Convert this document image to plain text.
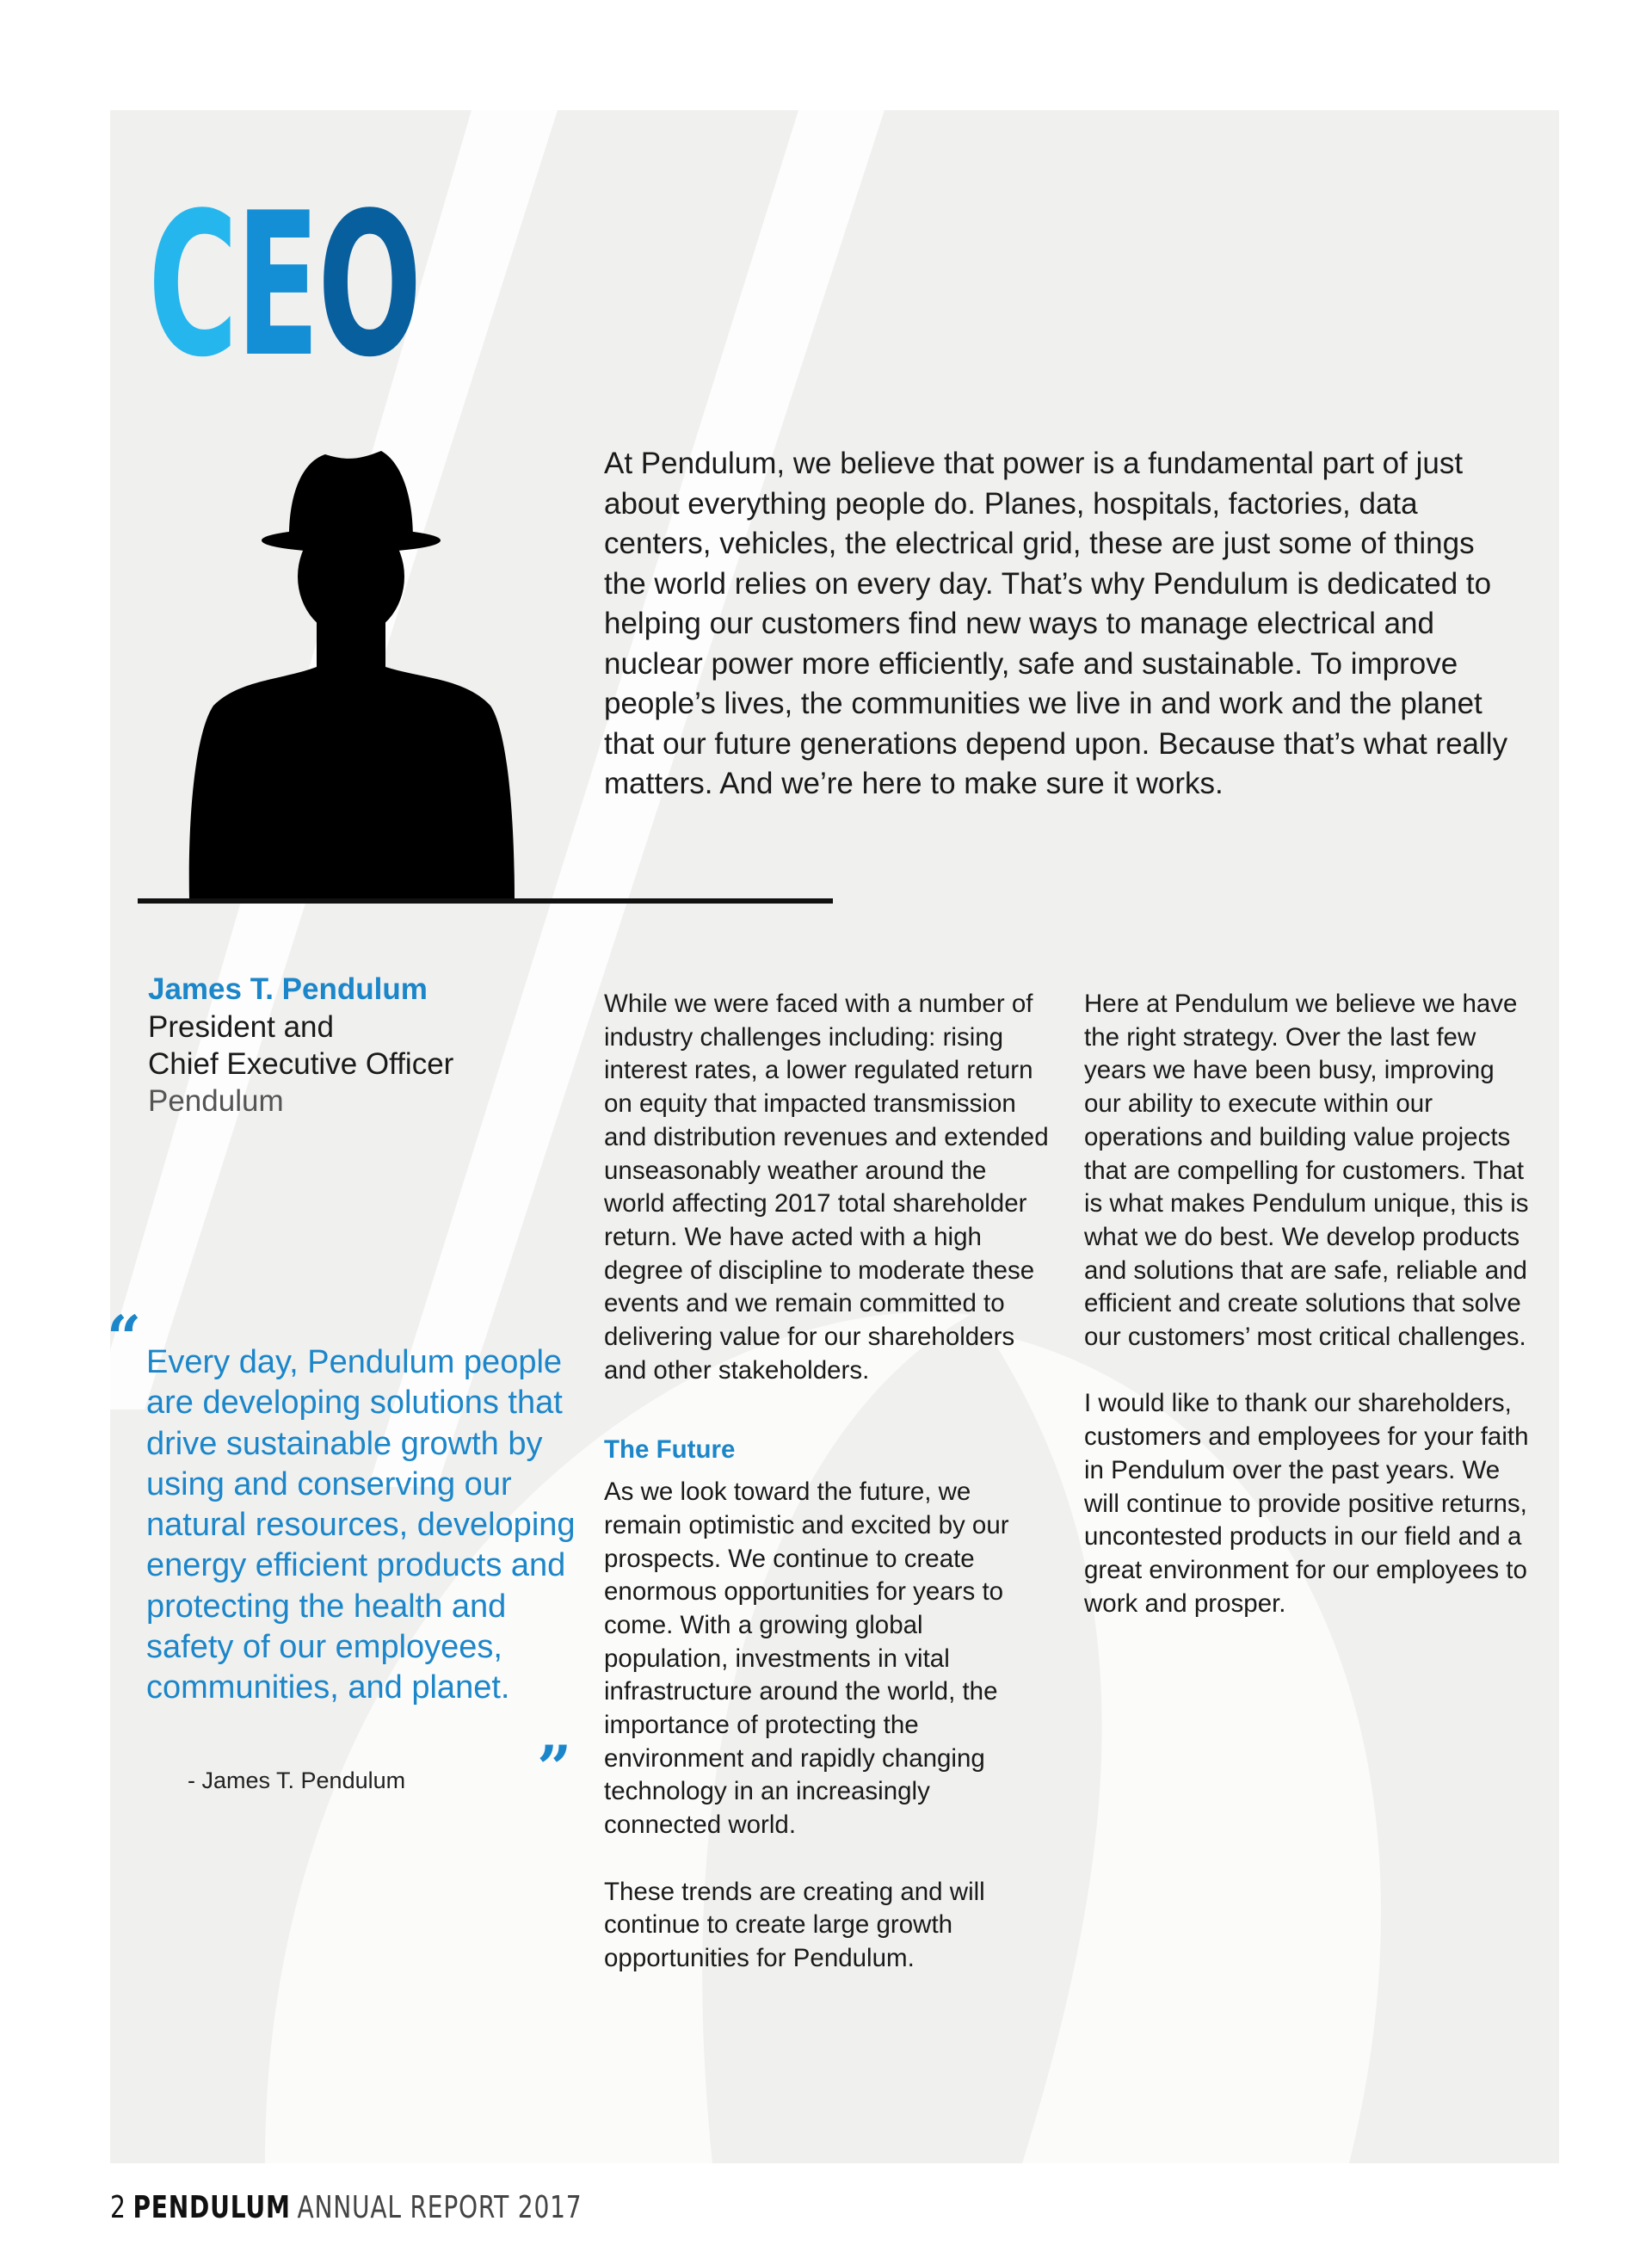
CEO

At Pendulum, we believe that power is a fundamental part of just about everything people do. Planes, hospitals, factories, data centers, vehicles, the electrical grid, these are just some of things the world relies on every day. That’s why Pendulum is dedicated to helping our customers find new ways to manage electrical and nuclear power more efficiently, safe and sustainable. To improve people’s lives, the communities we live in and work and the planet that our future generations depend upon. Because that’s what really matters. And we’re here to make sure it works.

James T. Pendulum
President and
Chief Executive Officer
Pendulum
“ Every day, Pendulum people are developing solutions that drive sustainable growth by using and conserving our natural resources, developing energy efficient products and protecting the health and safety of our employees, communities, and planet.

”
- James T. Pendulum

While we were faced with a number of industry challenges including: rising interest rates, a lower regulated return on equity that impacted transmission and distribution revenues and extended unseasonably weather around the world affecting 2017 total shareholder return. We have acted with a high degree of discipline to moderate these events and we remain committed to delivering value for our shareholders and other stakeholders.

The Future

As we look toward the future, we remain optimistic and excited by our prospects. We continue to create enormous opportunities for years to come. With a growing global population, investments in vital infrastructure around the world, the importance of protecting the environment and rapidly changing technology in an increasingly connected world.

These trends are creating and will continue to create large growth opportunities for Pendulum.

Here at Pendulum we believe we have the right strategy. Over the last few years we have been busy, improving our ability to execute within our operations and building value projects that are compelling for customers. That is what makes Pendulum unique, this is what we do best. We develop products and solutions that are safe, reliable and efficient and create solutions that solve our customers’ most critical challenges.

I would like to thank our shareholders, customers and employees for your faith in Pendulum over the past years. We will continue to provide positive returns, uncontested products in our field and a great environment for our employees to work and prosper.

2 PENDULUM ANNUAL REPORT 2017
